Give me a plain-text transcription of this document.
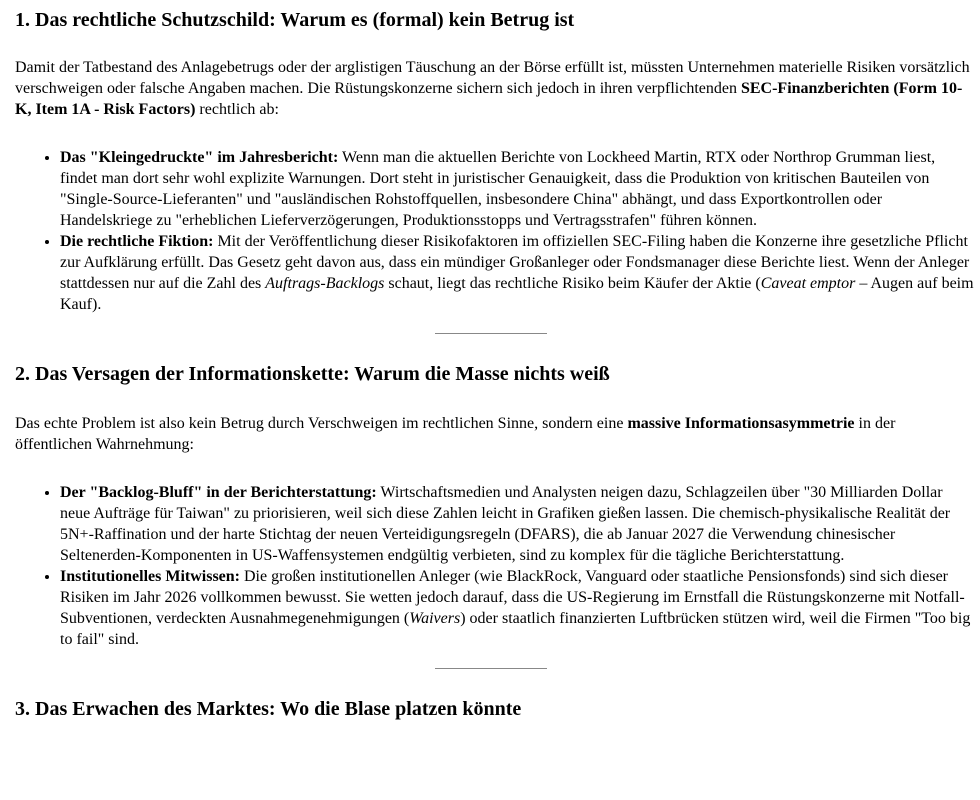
1. Das rechtliche Schutzschild: Warum es (formal) kein Betrug ist

Damit der Tatbestand des Anlagebetrugs oder der arglistigen Täuschung an der Börse erfüllt ist, müssten Unternehmen materielle Risiken vorsätzlich verschweigen oder falsche Angaben machen. Die Rüstungskonzerne sichern sich jedoch in ihren verpflichtenden SEC-Finanzberichten (Form 10-K, Item 1A - Risk Factors) rechtlich ab:

• Das "Kleingedruckte" im Jahresbericht: Wenn man die aktuellen Berichte von Lockheed Martin, RTX oder Northrop Grumman liest, findet man dort sehr wohl explizite Warnungen. Dort steht in juristischer Genauigkeit, dass die Produktion von kritischen Bauteilen von "Single-Source-Lieferanten" und "ausländischen Rohstoffquellen, insbesondere China" abhängt, und dass Exportkontrollen oder Handelskriege zu "erheblichen Lieferverzögerungen, Produktionsstopps und Vertragsstrafen" führen können.
• Die rechtliche Fiktion: Mit der Veröffentlichung dieser Risikofaktoren im offiziellen SEC-Filing haben die Konzerne ihre gesetzliche Pflicht zur Aufklärung erfüllt. Das Gesetz geht davon aus, dass ein mündiger Großanleger oder Fondsmanager diese Berichte liest. Wenn der Anleger stattdessen nur auf die Zahl des Auftrags-Backlogs schaut, liegt das rechtliche Risiko beim Käufer der Aktie (Caveat emptor – Augen auf beim Kauf).
2. Das Versagen der Informationskette: Warum die Masse nichts weiß

Das echte Problem ist also kein Betrug durch Verschweigen im rechtlichen Sinne, sondern eine massive Informationsasymmetrie in der öffentlichen Wahrnehmung:

• Der "Backlog-Bluff" in der Berichterstattung: Wirtschaftsmedien und Analysten neigen dazu, Schlagzeilen über "30 Milliarden Dollar neue Aufträge für Taiwan" zu priorisieren, weil sich diese Zahlen leicht in Grafiken gießen lassen. Die chemisch-physikalische Realität der 5N+-Raffination und der harte Stichtag der neuen Verteidigungsregeln (DFARS), die ab Januar 2027 die Verwendung chinesischer Seltenerden-Komponenten in US-Waffensystemen endgültig verbieten, sind zu komplex für die tägliche Berichterstattung.
• Institutionelles Mitwissen: Die großen institutionellen Anleger (wie BlackRock, Vanguard oder staatliche Pensionsfonds) sind sich dieser Risiken im Jahr 2026 vollkommen bewusst. Sie wetten jedoch darauf, dass die US-Regierung im Ernstfall die Rüstungskonzerne mit Notfall-Subventionen, verdeckten Ausnahmegenehmigungen (Waivers) oder staatlich finanzierten Luftbrücken stützen wird, weil die Firmen "Too big to fail" sind.
3. Das Erwachen des Marktes: Wo die Blase platzen könnte
